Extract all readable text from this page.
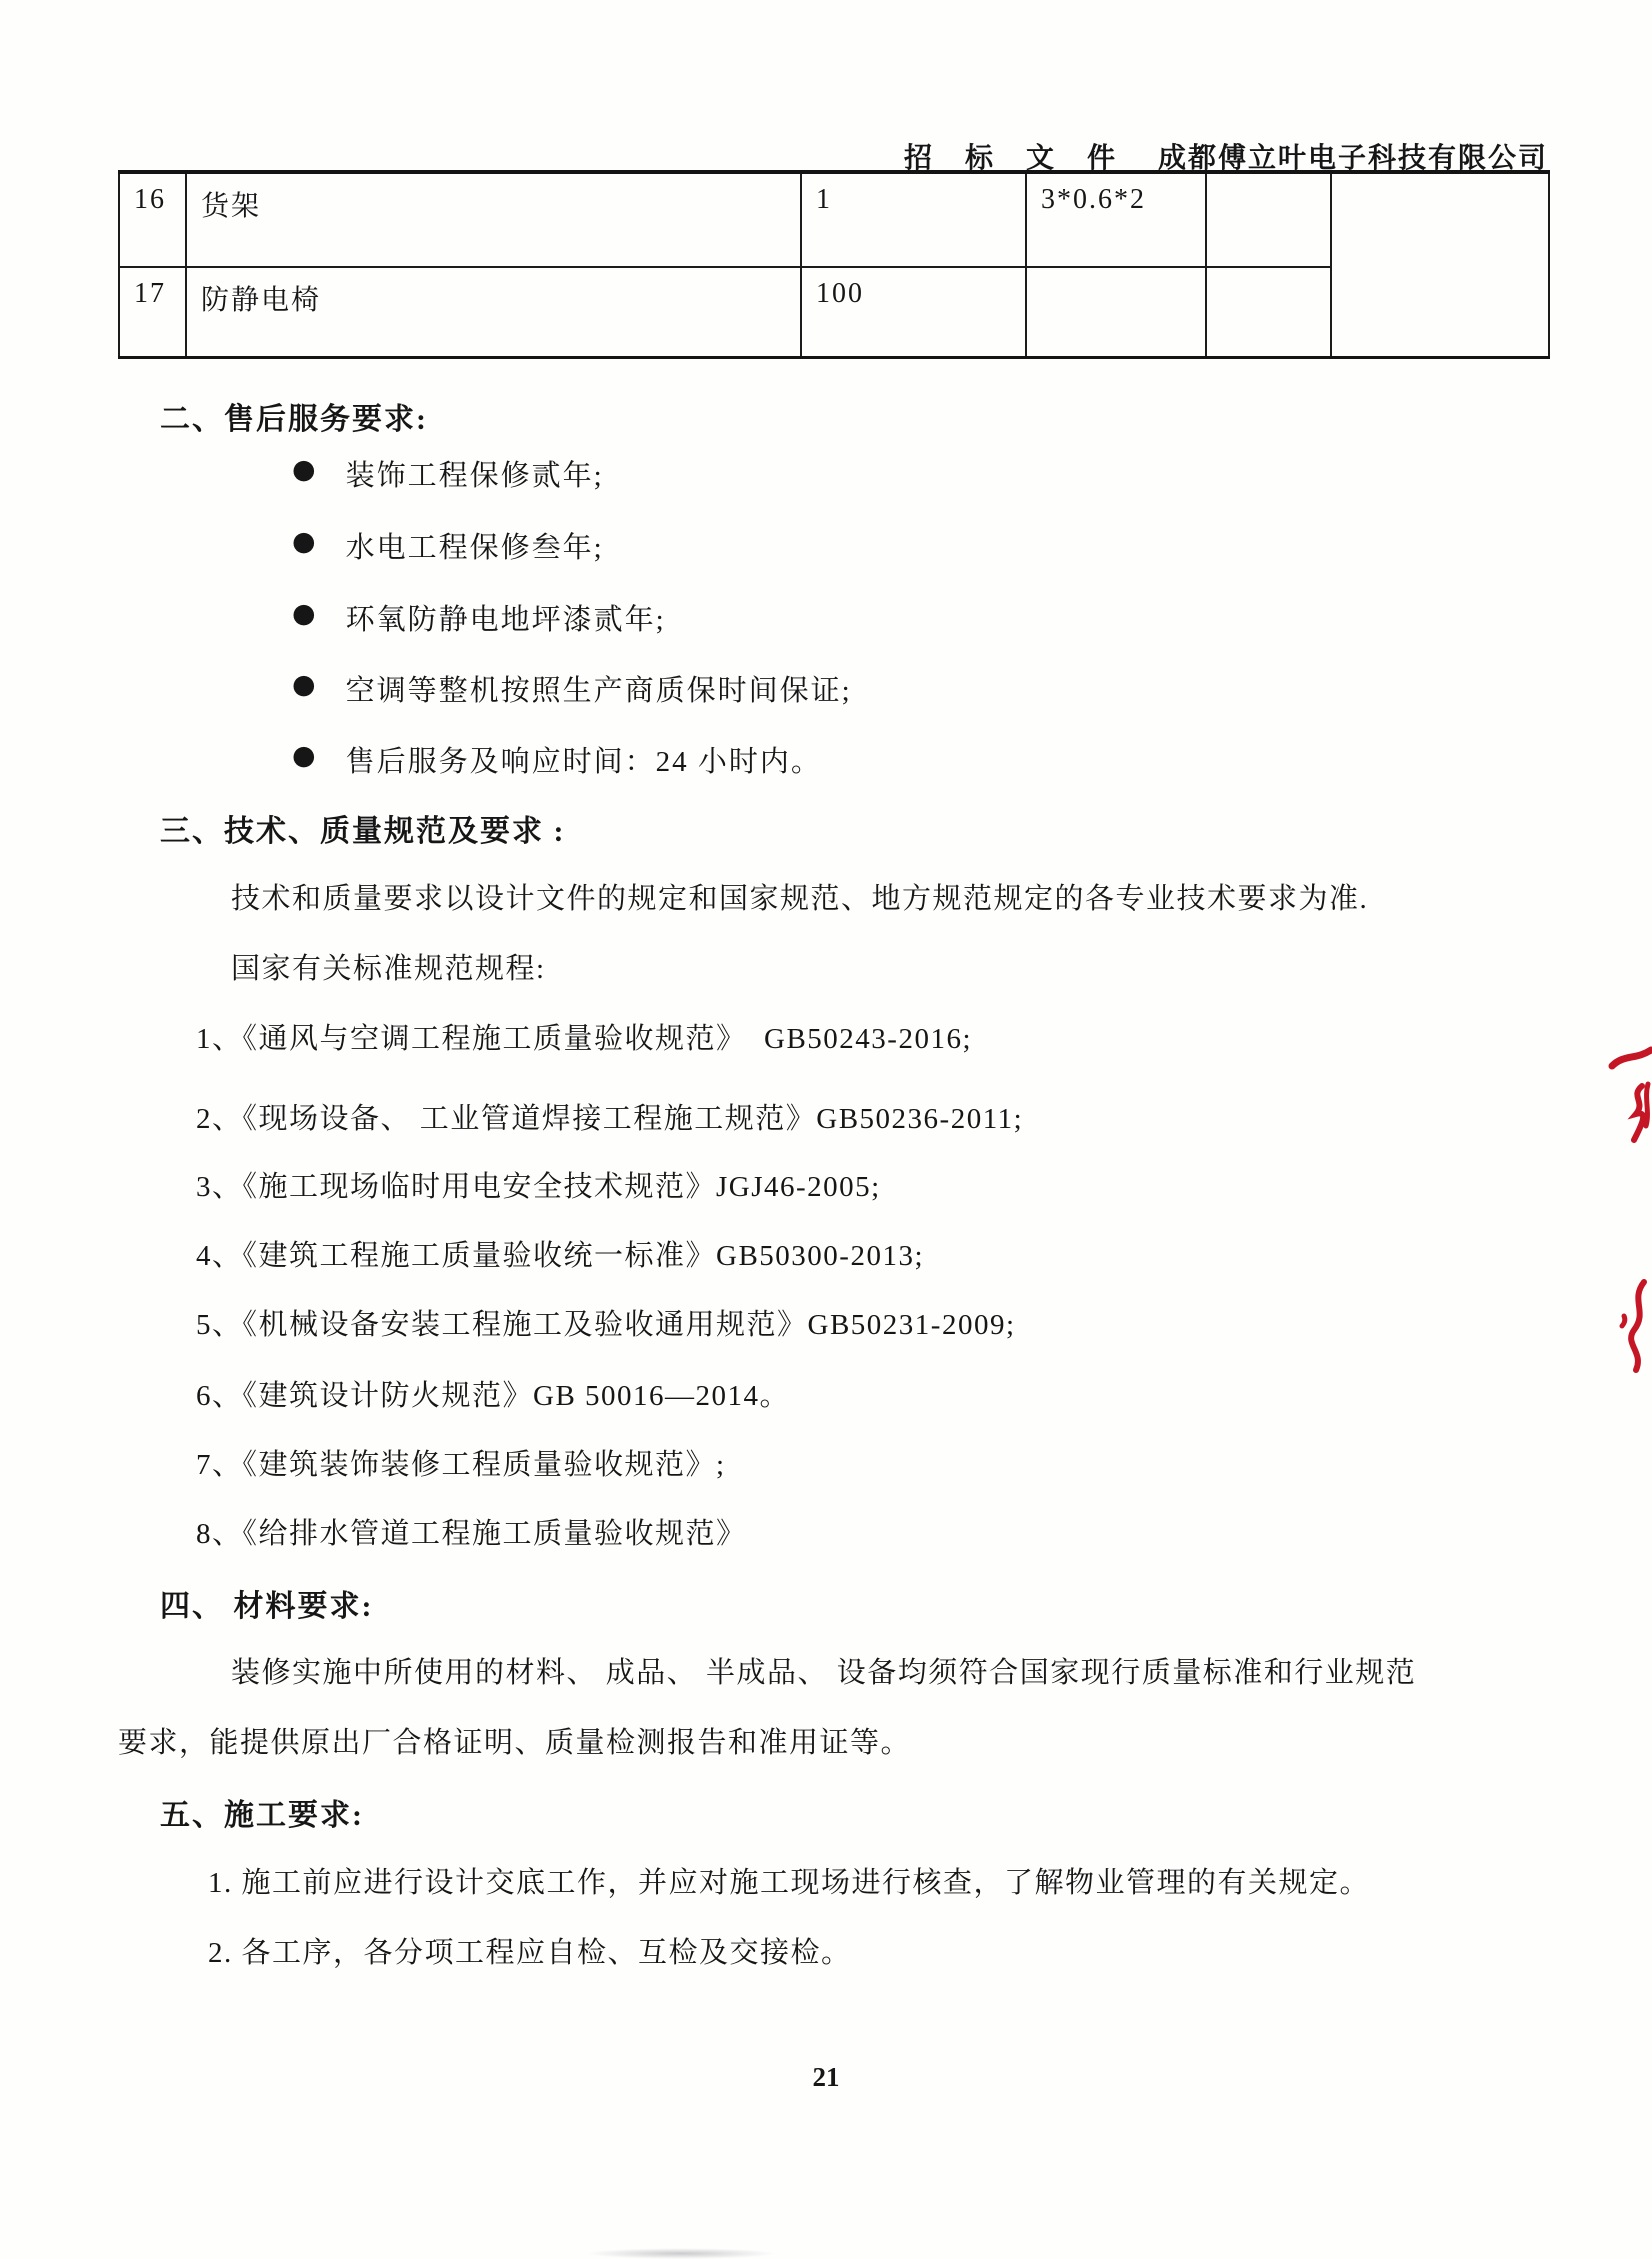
招 标 文 件 成都傅立叶电子科技有限公司

16	货架	1	3*0.6*2		
17	防静电椅	100			
二、售后服务要求:
● 装饰工程保修贰年;
● 水电工程保修叁年;
● 环氧防静电地坪漆贰年;
● 空调等整机按照生产商质保时间保证;
● 售后服务及响应时间：24 小时内。
三、技术、质量规范及要求 :
技术和质量要求以设计文件的规定和国家规范、地方规范规定的各专业技术要求为准.
国家有关标准规范规程:
1、《通风与空调工程施工质量验收规范》  GB50243-2016;
2、《现场设备、 工业管道焊接工程施工规范》GB50236-2011;
3、《施工现场临时用电安全技术规范》JGJ46-2005;
4、《建筑工程施工质量验收统一标准》GB50300-2013;
5、《机械设备安装工程施工及验收通用规范》GB50231-2009;
6、《建筑设计防火规范》GB 50016—2014。
7、《建筑装饰装修工程质量验收规范》;
8、《给排水管道工程施工质量验收规范》
四、 材料要求:
装修实施中所使用的材料、 成品、 半成品、 设备均须符合国家现行质量标准和行业规范
要求，能提供原出厂合格证明、质量检测报告和准用证等。
五、施工要求:
1. 施工前应进行设计交底工作，并应对施工现场进行核查，了解物业管理的有关规定。
2. 各工序，各分项工程应自检、互检及交接检。
21
